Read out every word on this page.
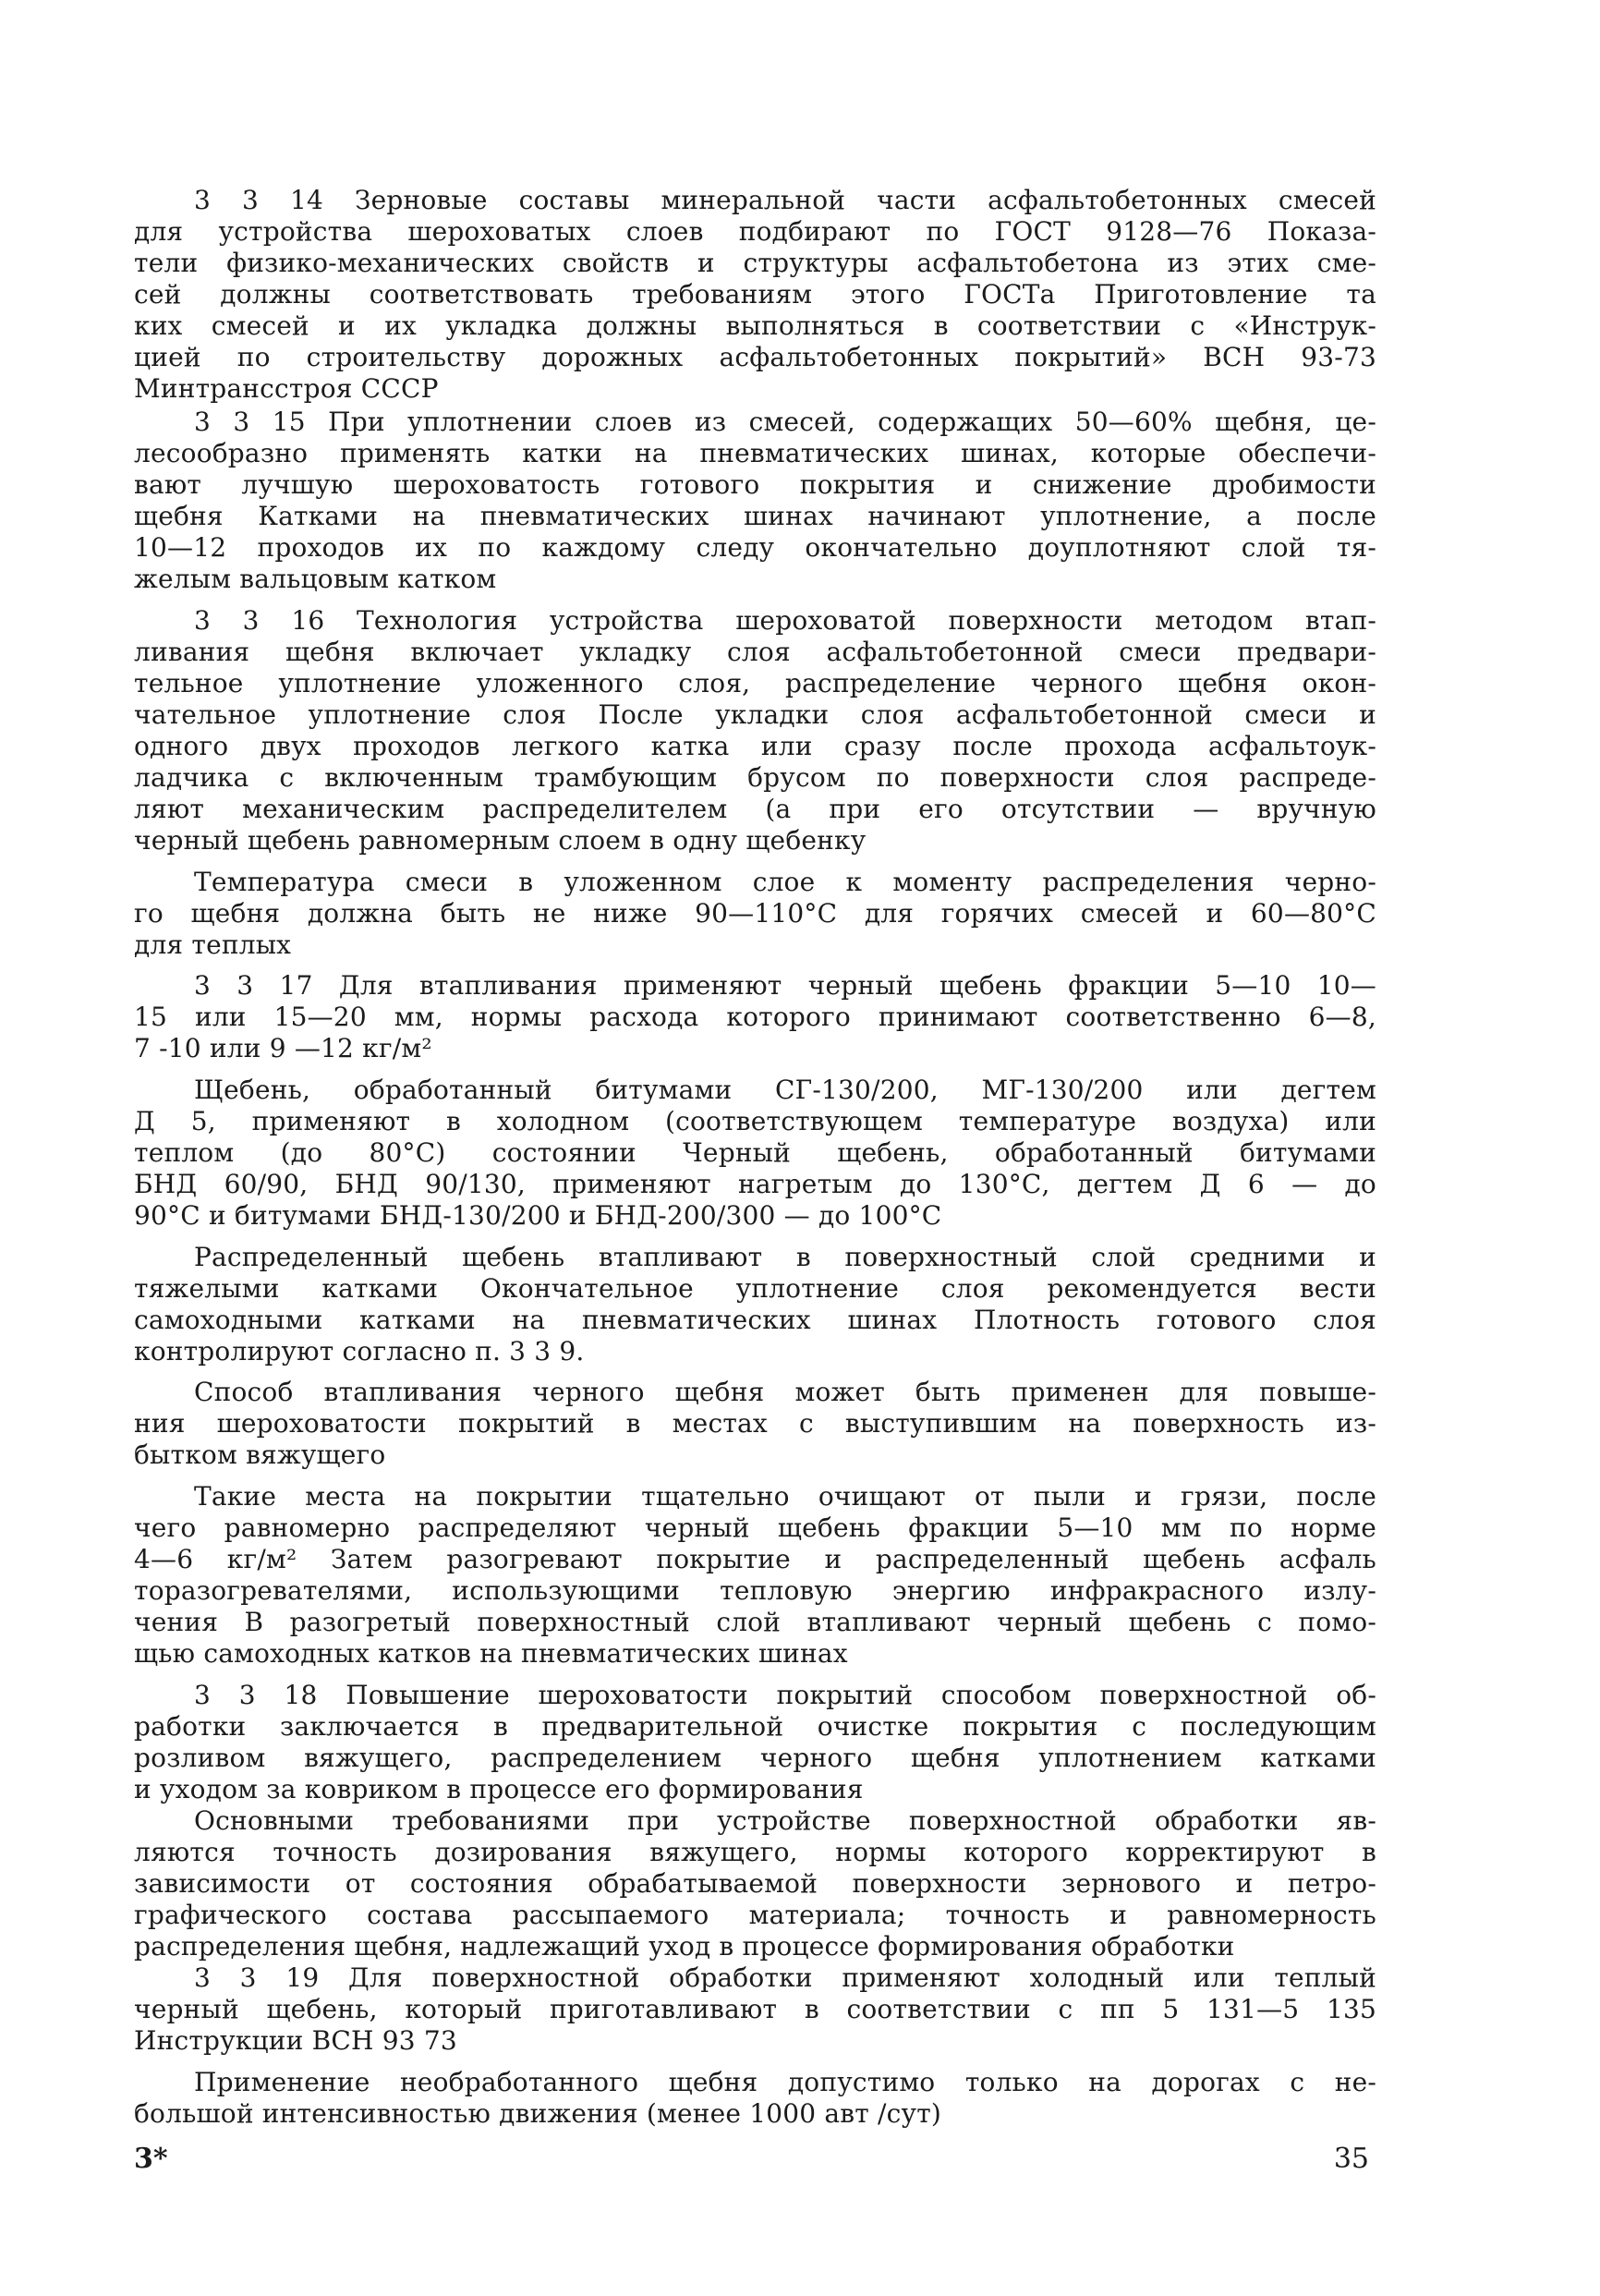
3 3 14 Зерновые составы минеральной части асфальтобетонных смесей
для устройства шероховатых слоев подбирают по ГОСТ 9128—76 Показа-
тели физико-механических свойств и структуры асфальтобетона из этих сме-
сей должны соответствовать требованиям этого ГОСТа Приготовление та
ких смесей и их укладка должны выполняться в соответствии с «Инструк-
цией по строительству дорожных асфальтобетонных покрытий» ВСН 93-73
Минтрансстроя СССР
3 3 15 При уплотнении слоев из смесей, содержащих 50—60% щебня, це-
лесообразно применять катки на пневматических шинах, которые обеспечи-
вают лучшую шероховатость готового покрытия и снижение дробимости
щебня Катками на пневматических шинах начинают уплотнение, а после
10—12 проходов их по каждому следу окончательно доуплотняют слой тя-
желым вальцовым катком
3 3 16 Технология устройства шероховатой поверхности методом втап-
ливания щебня включает укладку слоя асфальтобетонной смеси предвари-
тельное уплотнение уложенного слоя, распределение черного щебня окон-
чательное уплотнение слоя После укладки слоя асфальтобетонной смеси и
одного двух проходов легкого катка или сразу после прохода асфальтоук-
ладчика с включенным трамбующим брусом по поверхности слоя распреде-
ляют механическим распределителем (а при его отсутствии — вручную
черный щебень равномерным слоем в одну щебенку
Температура смеси в уложенном слое к моменту распределения черно-
го щебня должна быть не ниже 90—110°С для горячих смесей и 60—80°С
для теплых
3 3 17 Для втапливания применяют черный щебень фракции 5—10 10—
15 или 15—20 мм, нормы расхода которого принимают соответственно 6—8,
7 -10 или 9 —12 кг/м²
Щебень, обработанный битумами СГ-130/200, МГ-130/200 или дегтем
Д 5, применяют в холодном (соответствующем температуре воздуха) или
теплом (до 80°С) состоянии Черный щебень, обработанный битумами
БНД 60/90, БНД 90/130, применяют нагретым до 130°С, дегтем Д 6 — до
90°С и битумами БНД-130/200 и БНД-200/300 — до 100°С
Распределенный щебень втапливают в поверхностный слой средними и
тяжелыми катками Окончательное уплотнение слоя рекомендуется вести
самоходными катками на пневматических шинах Плотность готового слоя
контролируют согласно п. 3 3 9.
Способ втапливания черного щебня может быть применен для повыше-
ния шероховатости покрытий в местах с выступившим на поверхность из-
бытком вяжущего
Такие места на покрытии тщательно очищают от пыли и грязи, после
чего равномерно распределяют черный щебень фракции 5—10 мм по норме
4—6 кг/м² Затем разогревают покрытие и распределенный щебень асфаль
торазогревателями, использующими тепловую энергию инфракрасного излу-
чения В разогретый поверхностный слой втапливают черный щебень с помо-
щью самоходных катков на пневматических шинах
3 3 18 Повышение шероховатости покрытий способом поверхностной об-
работки заключается в предварительной очистке покрытия с последующим
розливом вяжущего, распределением черного щебня уплотнением катками
и уходом за ковриком в процессе его формирования
Основными требованиями при устройстве поверхностной обработки яв-
ляются точность дозирования вяжущего, нормы которого корректируют в
зависимости от состояния обрабатываемой поверхности зернового и петро-
графического состава рассыпаемого материала; точность и равномерность
распределения щебня, надлежащий уход в процессе формирования обработки
3 3 19 Для поверхностной обработки применяют холодный или теплый
черный щебень, который приготавливают в соответствии с пп 5 131—5 135
Инструкции ВСН 93 73
Применение необработанного щебня допустимо только на дорогах с не-
большой интенсивностью движения (менее 1000 авт /сут)
3*	35
